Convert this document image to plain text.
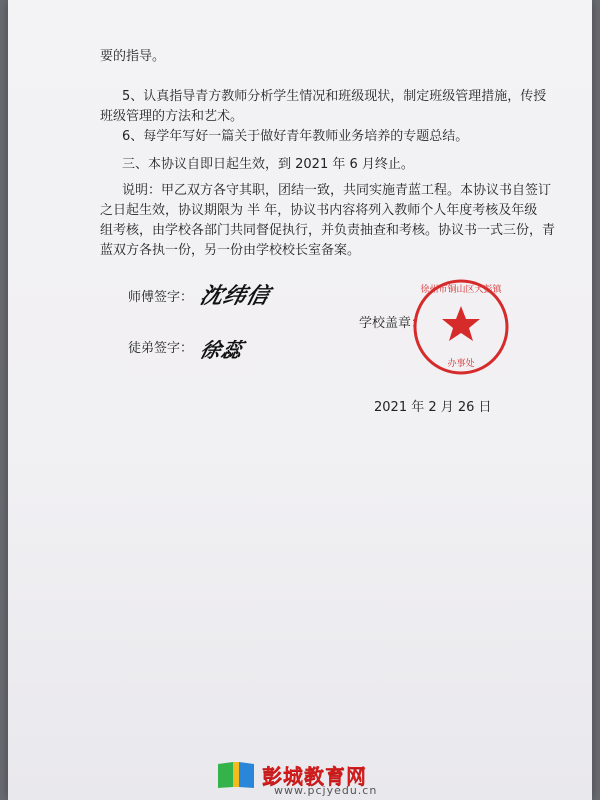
要的指导。
5、认真指导青方教师分析学生情况和班级现状，制定班级管理措施，传授
班级管理的方法和艺术。
6、每学年写好一篇关于做好青年教师业务培养的专题总结。
三、本协议自即日起生效，到 2021 年 6 月终止。
说明：甲乙双方各守其职，团结一致，共同实施青蓝工程。本协议书自签订
之日起生效，协议期限为 半 年，协议书内容将列入教师个人年度考核及年级
组考核，由学校各部门共同督促执行，并负责抽查和考核。协议书一式三份，青
蓝双方各执一份，另一份由学校校长室备案。
师傅签字： 沈纬信
徒弟签字： 徐蕊
学校盖章：
徐州市铜山区大彭镇
办事处
2021 年 2 月 26 日
彭城教育网
www.pcjyedu.cn
